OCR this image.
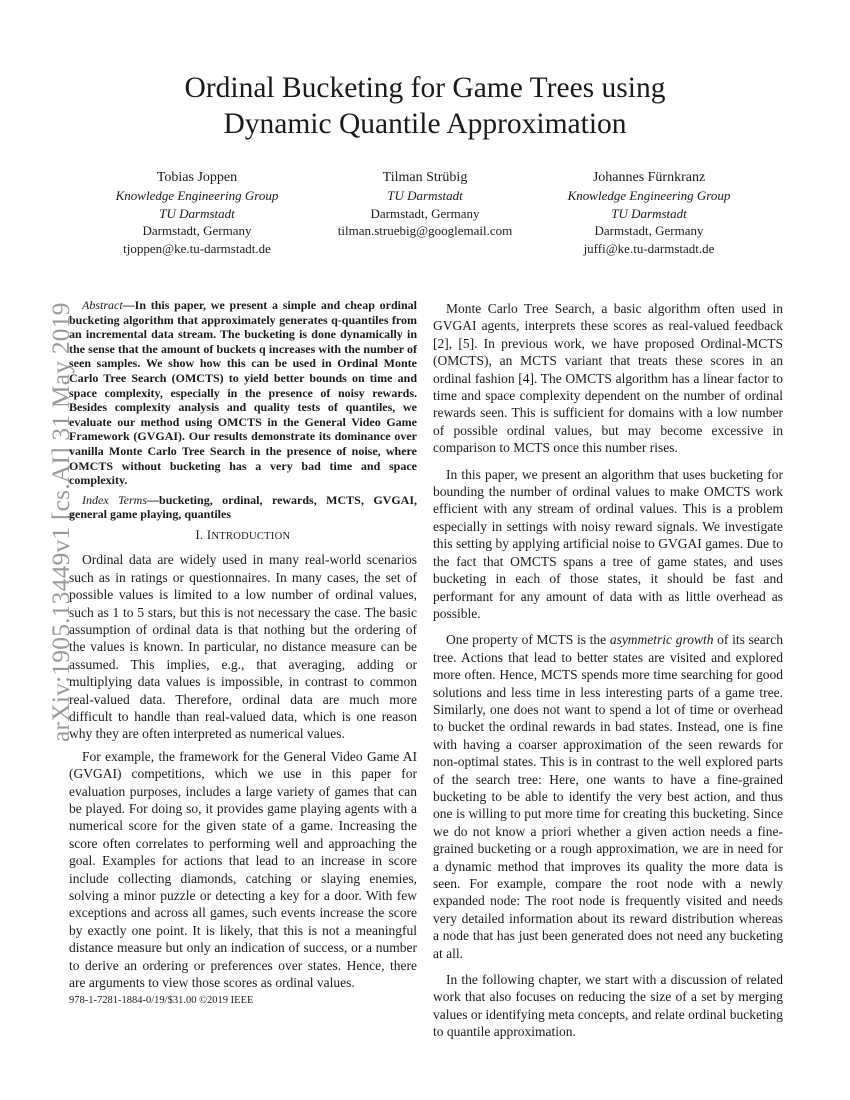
arXiv:1905.13449v1 [cs.AI] 31 May 2019
Ordinal Bucketing for Game Trees using
Dynamic Quantile Approximation
Tobias Joppen
Knowledge Engineering Group
TU Darmstadt
Darmstadt, Germany
tjoppen@ke.tu-darmstadt.de
Tilman Strübig
TU Darmstadt
Darmstadt, Germany
tilman.struebig@googlemail.com
Johannes Fürnkranz
Knowledge Engineering Group
TU Darmstadt
Darmstadt, Germany
juffi@ke.tu-darmstadt.de

Abstract—In this paper, we present a simple and cheap ordinal bucketing algorithm that approximately generates q-quantiles from an incremental data stream. The bucketing is done dynamically in the sense that the amount of buckets q increases with the number of seen samples. We show how this can be used in Ordinal Monte Carlo Tree Search (OMCTS) to yield better bounds on time and space complexity, especially in the presence of noisy rewards. Besides complexity analysis and quality tests of quantiles, we evaluate our method using OMCTS in the General Video Game Framework (GVGAI). Our results demonstrate its dominance over vanilla Monte Carlo Tree Search in the presence of noise, where OMCTS without bucketing has a very bad time and space complexity.

Index Terms—bucketing, ordinal, rewards, MCTS, GVGAI, general game playing, quantiles

I. INTRODUCTION

Ordinal data are widely used in many real-world scenarios such as in ratings or questionnaires. In many cases, the set of possible values is limited to a low number of ordinal values, such as 1 to 5 stars, but this is not necessary the case. The basic assumption of ordinal data is that nothing but the ordering of the values is known. In particular, no distance measure can be assumed. This implies, e.g., that averaging, adding or multiplying data values is impossible, in contrast to common real-valued data. Therefore, ordinal data are much more difficult to handle than real-valued data, which is one reason why they are often interpreted as numerical values.

For example, the framework for the General Video Game AI (GVGAI) competitions, which we use in this paper for evaluation purposes, includes a large variety of games that can be played. For doing so, it provides game playing agents with a numerical score for the given state of a game. Increasing the score often correlates to performing well and approaching the goal. Examples for actions that lead to an increase in score include collecting diamonds, catching or slaying enemies, solving a minor puzzle or detecting a key for a door. With few exceptions and across all games, such events increase the score by exactly one point. It is likely, that this is not a meaningful distance measure but only an indication of success, or a number to derive an ordering or preferences over states. Hence, there are arguments to view those scores as ordinal values.

Monte Carlo Tree Search, a basic algorithm often used in GVGAI agents, interprets these scores as real-valued feedback [2], [5]. In previous work, we have proposed Ordinal-MCTS (OMCTS), an MCTS variant that treats these scores in an ordinal fashion [4]. The OMCTS algorithm has a linear factor to time and space complexity dependent on the number of ordinal rewards seen. This is sufficient for domains with a low number of possible ordinal values, but may become excessive in comparison to MCTS once this number rises.

In this paper, we present an algorithm that uses bucketing for bounding the number of ordinal values to make OMCTS work efficient with any stream of ordinal values. This is a problem especially in settings with noisy reward signals. We investigate this setting by applying artificial noise to GVGAI games. Due to the fact that OMCTS spans a tree of game states, and uses bucketing in each of those states, it should be fast and performant for any amount of data with as little overhead as possible.

One property of MCTS is the asymmetric growth of its search tree. Actions that lead to better states are visited and explored more often. Hence, MCTS spends more time searching for good solutions and less time in less interesting parts of a game tree. Similarly, one does not want to spend a lot of time or overhead to bucket the ordinal rewards in bad states. Instead, one is fine with having a coarser approximation of the seen rewards for non-optimal states. This is in contrast to the well explored parts of the search tree: Here, one wants to have a fine-grained bucketing to be able to identify the very best action, and thus one is willing to put more time for creating this bucketing. Since we do not know a priori whether a given action needs a fine-grained bucketing or a rough approximation, we are in need for a dynamic method that improves its quality the more data is seen. For example, compare the root node with a newly expanded node: The root node is frequently visited and needs very detailed information about its reward distribution whereas a node that has just been generated does not need any bucketing at all.

In the following chapter, we start with a discussion of related work that also focuses on reducing the size of a set by merging values or identifying meta concepts, and relate ordinal bucketing to quantile approximation.

978-1-7281-1884-0/19/$31.00 ©2019 IEEE
